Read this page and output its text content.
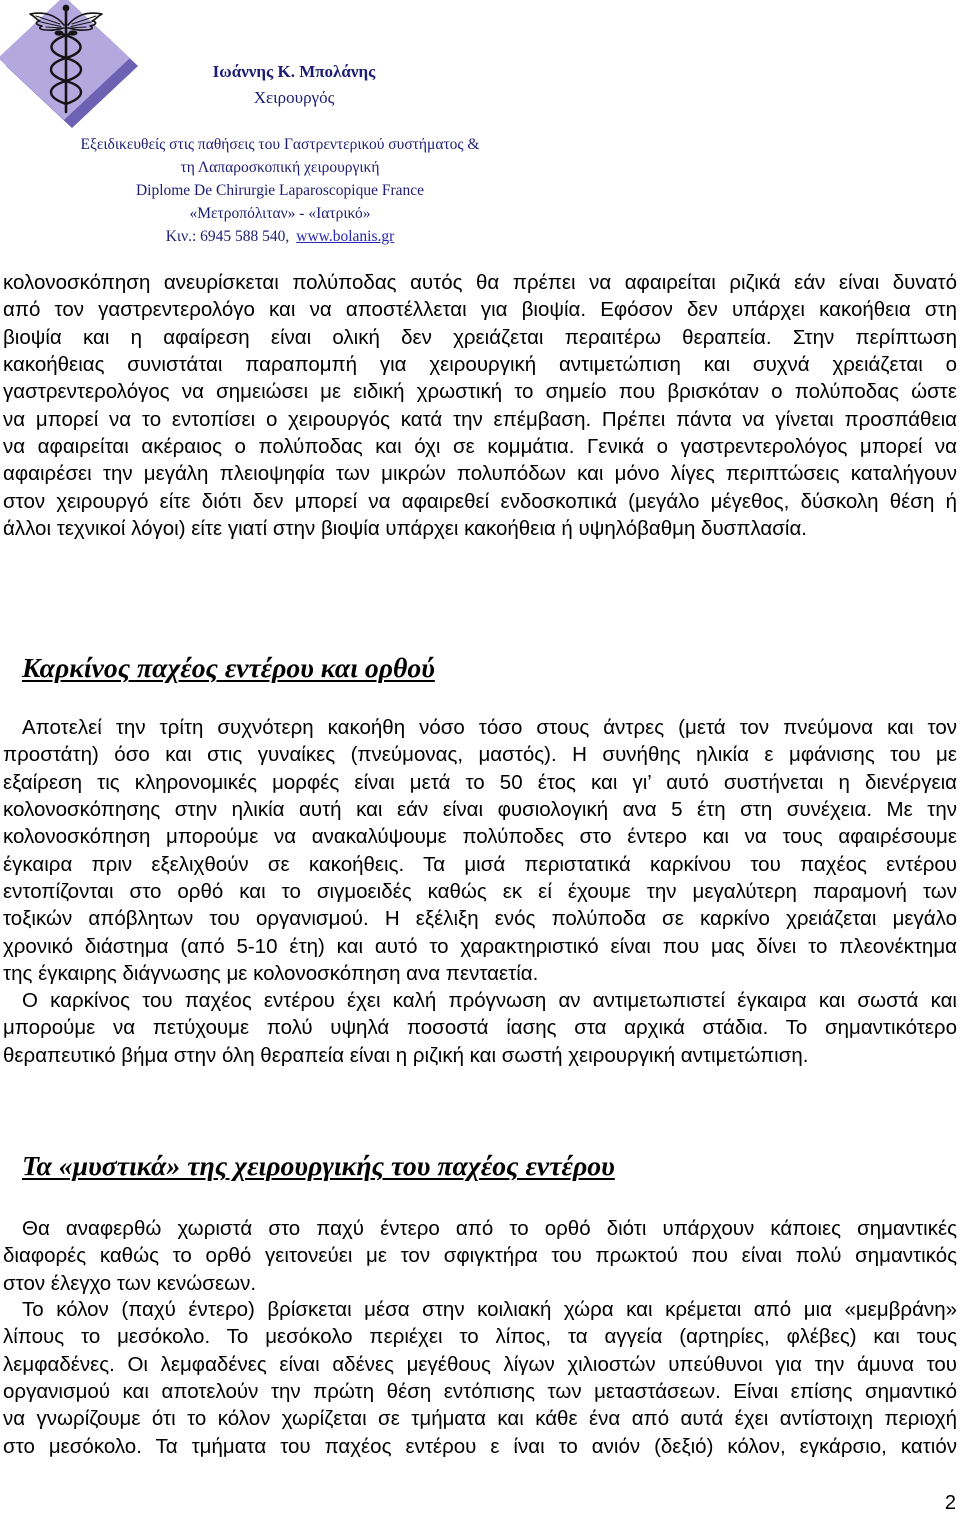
Ιωάννης Κ. Μπολάνης
Χειρουργός
Εξειδικευθείς στις παθήσεις του Γαστρεντερικού συστήματος &
τη Λαπαροσκοπική χειρουργική
Diplome De Chirurgie Laparoscopique France
«Μετροπόλιταν» - «Ιατρικό»
Κιν.: 6945 588 540, www.bolanis.gr
κολονοσκόπηση ανευρίσκεται πολύποδας αυτός θα πρέπει να αφαιρείται ριζικά εάν είναι δυνατό
από τον γαστρεντερολόγο και να αποστέλλεται για βιοψία. Εφόσον δεν υπάρχει κακοήθεια στη
βιοψία και η αφαίρεση είναι ολική δεν χρειάζεται περαιτέρω θεραπεία. Στην περίπτωση
κακοήθειας συνιστάται παραπομπή για χειρουργική αντιμετώπιση και συχνά χρειάζεται ο
γαστρεντερολόγος να σημειώσει με ειδική χρωστική το σημείο που βρισκόταν ο πολύποδας ώστε
να μπορεί να το εντοπίσει ο χειρουργός κατά την επέμβαση. Πρέπει πάντα να γίνεται προσπάθεια
να αφαιρείται ακέραιος ο πολύποδας και όχι σε κομμάτια. Γενικά ο γαστρεντερολόγος μπορεί να
αφαιρέσει την μεγάλη πλειοψηφία των μικρών πολυπόδων και μόνο λίγες περιπτώσεις καταλήγουν
στον χειρουργό είτε διότι δεν μπορεί να αφαιρεθεί ενδοσκοπικά (μεγάλο μέγεθος, δύσκολη θέση ή
άλλοι τεχνικοί λόγοι) είτε γιατί στην βιοψία υπάρχει κακοήθεια ή υψηλόβαθμη δυσπλασία.
Καρκίνος παχέος εντέρου και ορθού
Αποτελεί την τρίτη συχνότερη κακοήθη νόσο τόσο στους άντρες (μετά τον πνεύμονα και τον
προστάτη) όσο και στις γυναίκες (πνεύμονας, μαστός). Η συνήθης ηλικία ε μφάνισης του με
εξαίρεση τις κληρονομικές μορφές είναι μετά το 50 έτος και γι’ αυτό συστήνεται η διενέργεια
κολονοσκόπησης στην ηλικία αυτή και εάν είναι φυσιολογική ανα 5 έτη στη συνέχεια. Με την
κολονοσκόπηση μπορούμε να ανακαλύψουμε πολύποδες στο έντερο και να τους αφαιρέσουμε
έγκαιρα πριν εξελιχθούν σε κακοήθεις. Τα μισά περιστατικά καρκίνου του παχέος εντέρου
εντοπίζονται στο ορθό και το σιγμοειδές καθώς εκ εί έχουμε την μεγαλύτερη παραμονή των
τοξικών απόβλητων του οργανισμού. Η εξέλιξη ενός πολύποδα σε καρκίνο χρειάζεται μεγάλο
χρονικό διάστημα (από 5-10 έτη) και αυτό το χαρακτηριστικό είναι που μας δίνει το πλεονέκτημα
της έγκαιρης διάγνωσης με κολονοσκόπηση ανα πενταετία.
Ο καρκίνος του παχέος εντέρου έχει καλή πρόγνωση αν αντιμετωπιστεί έγκαιρα και σωστά και
μπορούμε να πετύχουμε πολύ υψηλά ποσοστά ίασης στα αρχικά στάδια. Το σημαντικότερο
θεραπευτικό βήμα στην όλη θεραπεία είναι η ριζική και σωστή χειρουργική αντιμετώπιση.
Τα «μυστικά» της χειρουργικής του παχέος εντέρου
Θα αναφερθώ χωριστά στο παχύ έντερο από το ορθό διότι υπάρχουν κάποιες σημαντικές
διαφορές καθώς το ορθό γειτονεύει με τον σφιγκτήρα του πρωκτού που είναι πολύ σημαντικός
στον έλεγχο των κενώσεων.
Το κόλον (παχύ έντερο) βρίσκεται μέσα στην κοιλιακή χώρα και κρέμεται από μια «μεμβράνη»
λίπους το μεσόκολο. Το μεσόκολο περιέχει το λίπος, τα αγγεία (αρτηρίες, φλέβες) και τους
λεμφαδένες. Οι λεμφαδένες είναι αδένες μεγέθους λίγων χιλιοστών υπεύθυνοι για την άμυνα του
οργανισμού και αποτελούν την πρώτη θέση εντόπισης των μεταστάσεων. Είναι επίσης σημαντικό
να γνωρίζουμε ότι το κόλον χωρίζεται σε τμήματα και κάθε ένα από αυτά έχει αντίστοιχη περιοχή
στο μεσόκολο. Τα τμήματα του παχέος εντέρου ε ίναι το ανιόν (δεξιό) κόλον, εγκάρσιο, κατιόν
2
